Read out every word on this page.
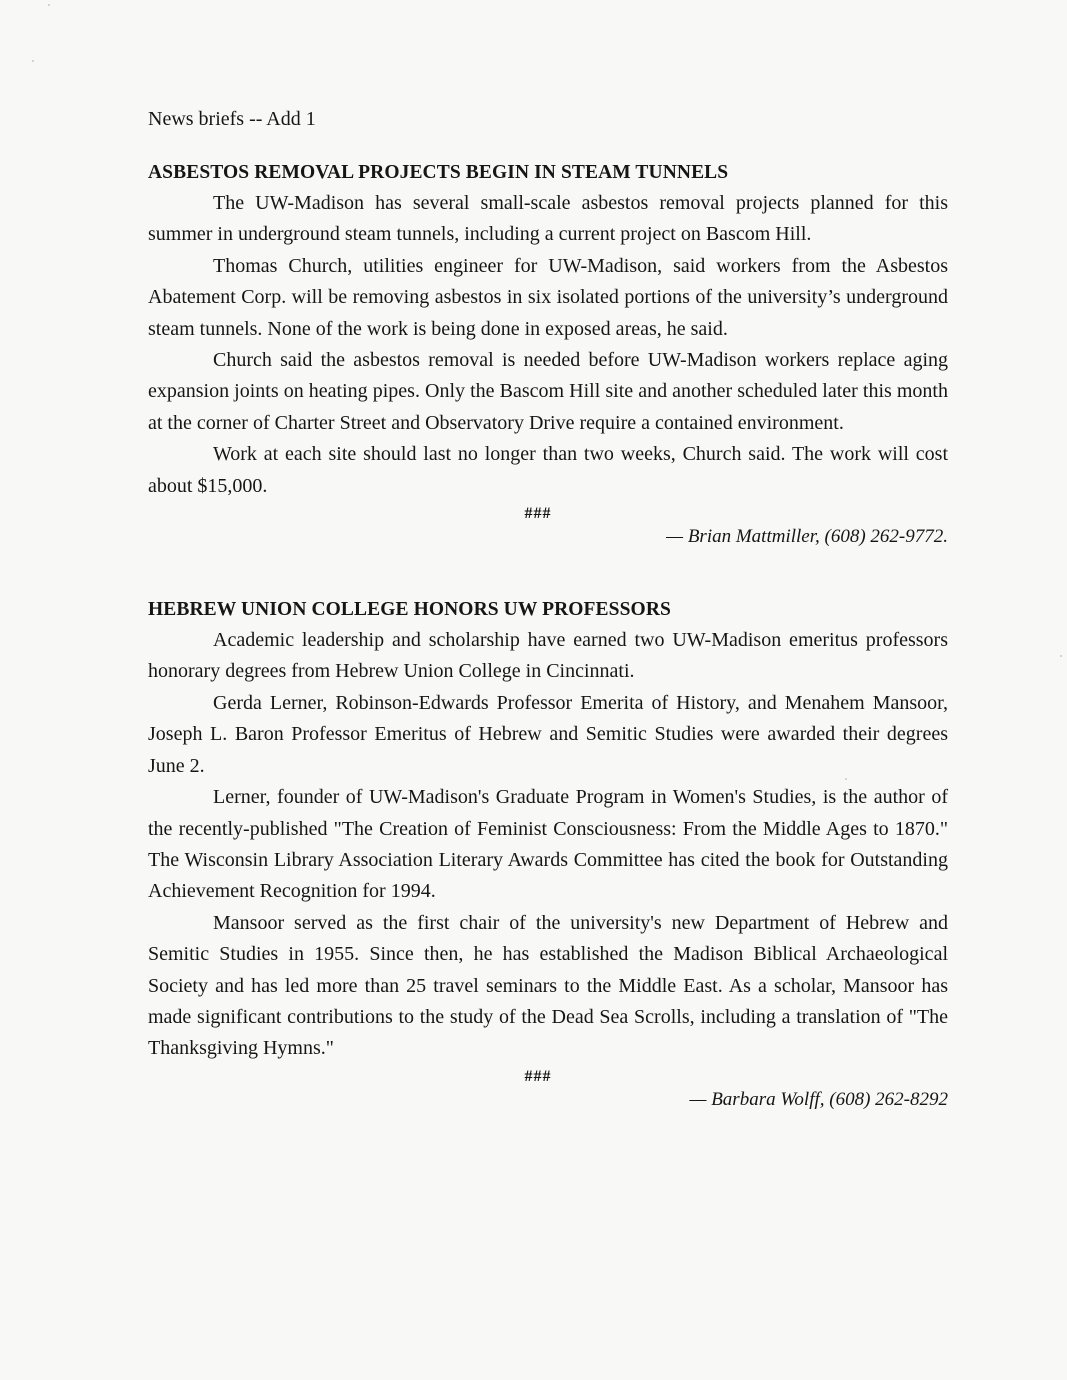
News briefs -- Add 1

ASBESTOS REMOVAL PROJECTS BEGIN IN STEAM TUNNELS

The UW-Madison has several small-scale asbestos removal projects planned for this summer in underground steam tunnels, including a current project on Bascom Hill.

Thomas Church, utilities engineer for UW-Madison, said workers from the Asbestos Abatement Corp. will be removing asbestos in six isolated portions of the university’s underground steam tunnels. None of the work is being done in exposed areas, he said.

Church said the asbestos removal is needed before UW-Madison workers replace aging expansion joints on heating pipes. Only the Bascom Hill site and another scheduled later this month at the corner of Charter Street and Observatory Drive require a contained environment.

Work at each site should last no longer than two weeks, Church said. The work will cost about $15,000.

###

— Brian Mattmiller, (608) 262-9772.

HEBREW UNION COLLEGE HONORS UW PROFESSORS

Academic leadership and scholarship have earned two UW-Madison emeritus professors honorary degrees from Hebrew Union College in Cincinnati.

Gerda Lerner, Robinson-Edwards Professor Emerita of History, and Menahem Mansoor, Joseph L. Baron Professor Emeritus of Hebrew and Semitic Studies were awarded their degrees June 2.

Lerner, founder of UW-Madison's Graduate Program in Women's Studies, is the author of the recently-published "The Creation of Feminist Consciousness: From the Middle Ages to 1870." The Wisconsin Library Association Literary Awards Committee has cited the book for Outstanding Achievement Recognition for 1994.

Mansoor served as the first chair of the university's new Department of Hebrew and Semitic Studies in 1955. Since then, he has established the Madison Biblical Archaeological Society and has led more than 25 travel seminars to the Middle East. As a scholar, Mansoor has made significant contributions to the study of the Dead Sea Scrolls, including a translation of "The Thanksgiving Hymns."

###

— Barbara Wolff, (608) 262-8292
